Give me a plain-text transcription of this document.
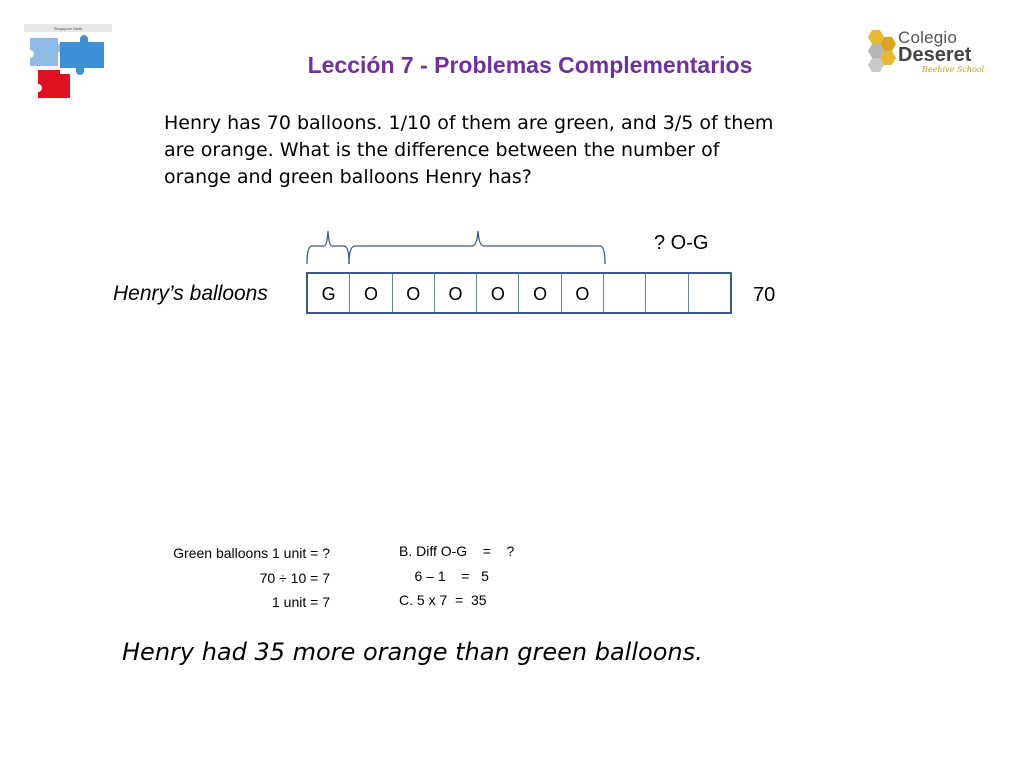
Singapore Math	Colegio
Deseret
Beehive School
Lección 7 - Problemas Complementarios
Henry has 70 balloons. 1/10 of them are green, and 3/5 of them
are orange. What is the difference between the number of
orange and green balloons Henry has?
? O-G
Henry’s balloons	G	O	O	O	O	O	O	70
Green balloons 1 unit = ?
70 ÷ 10 = 7
1 unit = 7
B. Diff O-G    =    ?
6 – 1    =   5
C. 5 x 7  =  35
Henry had 35 more orange than green balloons.
